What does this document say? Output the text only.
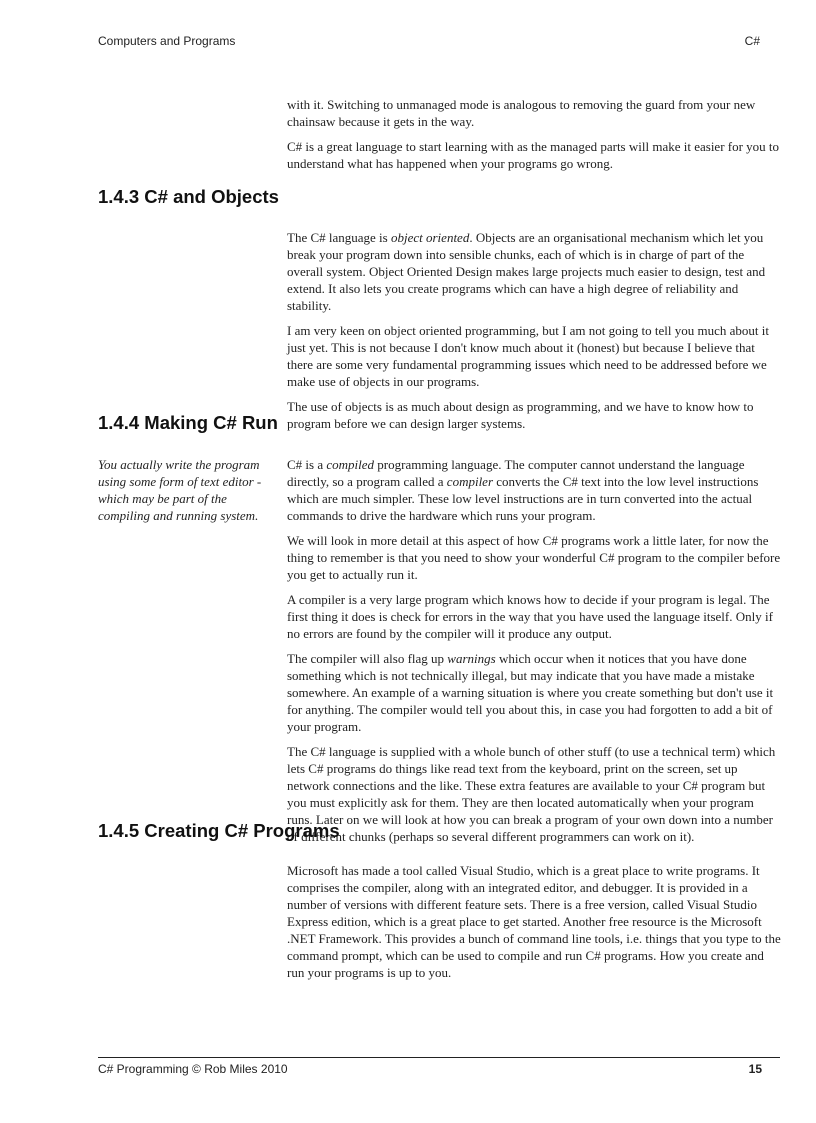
Computers and Programs	C#

with it. Switching to unmanaged mode is analogous to removing the guard from your new chainsaw because it gets in the way.

C# is a great language to start learning with as the managed parts will make it easier for you to understand what has happened when your programs go wrong.

1.4.3 C# and Objects

The C# language is object oriented. Objects are an organisational mechanism which let you break your program down into sensible chunks, each of which is in charge of part of the overall system. Object Oriented Design makes large projects much easier to design, test and extend. It also lets you create programs which can have a high degree of reliability and stability.

I am very keen on object oriented programming, but I am not going to tell you much about it just yet. This is not because I don't know much about it (honest) but because I believe that there are some very fundamental programming issues which need to be addressed before we make use of objects in our programs.

The use of objects is as much about design as programming, and we have to know how to program before we can design larger systems.

1.4.4 Making C# Run
You actually write the program using some form of text editor - which may be part of the compiling and running system.

C# is a compiled programming language. The computer cannot understand the language directly, so a program called a compiler converts the C# text into the low level instructions which are much simpler. These low level instructions are in turn converted into the actual commands to drive the hardware which runs your program.

We will look in more detail at this aspect of how C# programs work a little later, for now the thing to remember is that you need to show your wonderful C# program to the compiler before you get to actually run it.

A compiler is a very large program which knows how to decide if your program is legal. The first thing it does is check for errors in the way that you have used the language itself. Only if no errors are found by the compiler will it produce any output.

The compiler will also flag up warnings which occur when it notices that you have done something which is not technically illegal, but may indicate that you have made a mistake somewhere. An example of a warning situation is where you create something but don't use it for anything. The compiler would tell you about this, in case you had forgotten to add a bit of your program.

The C# language is supplied with a whole bunch of other stuff (to use a technical term) which lets C# programs do things like read text from the keyboard, print on the screen, set up network connections and the like. These extra features are available to your C# program but you must explicitly ask for them. They are then located automatically when your program runs. Later on we will look at how you can break a program of your own down into a number of different chunks (perhaps so several different programmers can work on it).

1.4.5 Creating C# Programs

Microsoft has made a tool called Visual Studio, which is a great place to write programs. It comprises the compiler, along with an integrated editor, and debugger. It is provided in a number of versions with different feature sets. There is a free version, called Visual Studio Express edition, which is a great place to get started. Another free resource is the Microsoft .NET Framework. This provides a bunch of command line tools, i.e. things that you type to the command prompt, which can be used to compile and run C# programs. How you create and run your programs is up to you.

C# Programming © Rob Miles 2010	15
